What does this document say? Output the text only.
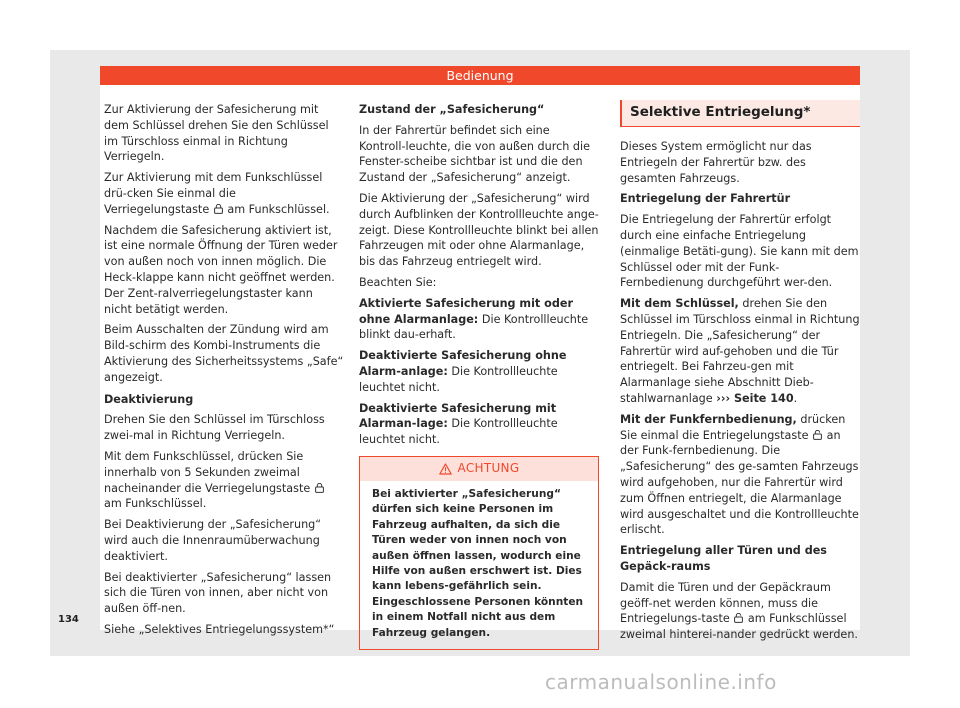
Bedienung

Zur Aktivierung der Safesicherung mit dem Schlüssel drehen Sie den Schlüssel im Türschloss einmal in Richtung Verriegeln.

Zur Aktivierung mit dem Funkschlüssel drü-cken Sie einmal die Verriegelungstaste am Funkschlüssel.

Nachdem die Safesicherung aktiviert ist, ist eine normale Öffnung der Türen weder von außen noch von innen möglich. Die Heck-klappe kann nicht geöffnet werden. Der Zent-ralverriegelungstaster kann nicht betätigt werden.

Beim Ausschalten der Zündung wird am Bild-schirm des Kombi-Instruments die Aktivierung des Sicherheitssystems „Safe“ angezeigt.

Deaktivierung

Drehen Sie den Schlüssel im Türschloss zwei-mal in Richtung Verriegeln.

Mit dem Funkschlüssel, drücken Sie innerhalb von 5 Sekunden zweimal nacheinander die Verriegelungstaste  am Funkschlüssel.

Bei Deaktivierung der „Safesicherung“ wird auch die Innenraumüberwachung deaktiviert.

Bei deaktivierter „Safesicherung“ lassen sich die Türen von innen, aber nicht von außen öff-nen.

Siehe „Selektives Entriegelungssystem*“

Zustand der „Safesicherung“

In der Fahrertür befindet sich eine Kontroll-leuchte, die von außen durch die Fenster-scheibe sichtbar ist und die den Zustand der „Safesicherung“ anzeigt.

Die Aktivierung der „Safesicherung“ wird durch Aufblinken der Kontrollleuchte ange-zeigt. Diese Kontrollleuchte blinkt bei allen Fahrzeugen mit oder ohne Alarmanlage, bis das Fahrzeug entriegelt wird.

Beachten Sie:

Aktivierte Safesicherung mit oder ohne Alarmanlage: Die Kontrollleuchte blinkt dau-erhaft.

Deaktivierte Safesicherung ohne Alarm-anlage: Die Kontrollleuchte leuchtet nicht.

Deaktivierte Safesicherung mit Alarman-lage: Die Kontrollleuchte leuchtet nicht.

ACHTUNG
Bei aktivierter „Safesicherung“ dürfen sich keine Personen im Fahrzeug aufhalten, da sich die Türen weder von innen noch von außen öffnen lassen, wodurch eine Hilfe von außen erschwert ist. Dies kann lebens-gefährlich sein. Eingeschlossene Personen könnten in einem Notfall nicht aus dem Fahrzeug gelangen.
Selektive Entriegelung*

Dieses System ermöglicht nur das Entriegeln der Fahrertür bzw. des gesamten Fahrzeugs.

Entriegelung der Fahrertür

Die Entriegelung der Fahrertür erfolgt durch eine einfache Entriegelung (einmalige Betäti-gung). Sie kann mit dem Schlüssel oder mit der Funk-Fernbedienung durchgeführt wer-den.

Mit dem Schlüssel, drehen Sie den Schlüssel im Türschloss einmal in Richtung Entriegeln. Die „Safesicherung“ der Fahrertür wird auf-gehoben und die Tür entriegelt. Bei Fahrzeu-gen mit Alarmanlage siehe Abschnitt Dieb-stahlwarnanlage ››› Seite 140.

Mit der Funkfernbedienung, drücken Sie einmal die Entriegelungstaste an der Funk-fernbedienung. Die „Safesicherung“ des ge-samten Fahrzeugs wird aufgehoben, nur die Fahrertür wird zum Öffnen entriegelt, die Alarmanlage wird ausgeschaltet und die Kontrollleuchte erlischt.

Entriegelung aller Türen und des Gepäck-raums

Damit die Türen und der Gepäckraum geöff-net werden können, muss die Entriegelungs-taste am Funkschlüssel zweimal hinterei-nander gedrückt werden.

134
carmanualsonline.info
